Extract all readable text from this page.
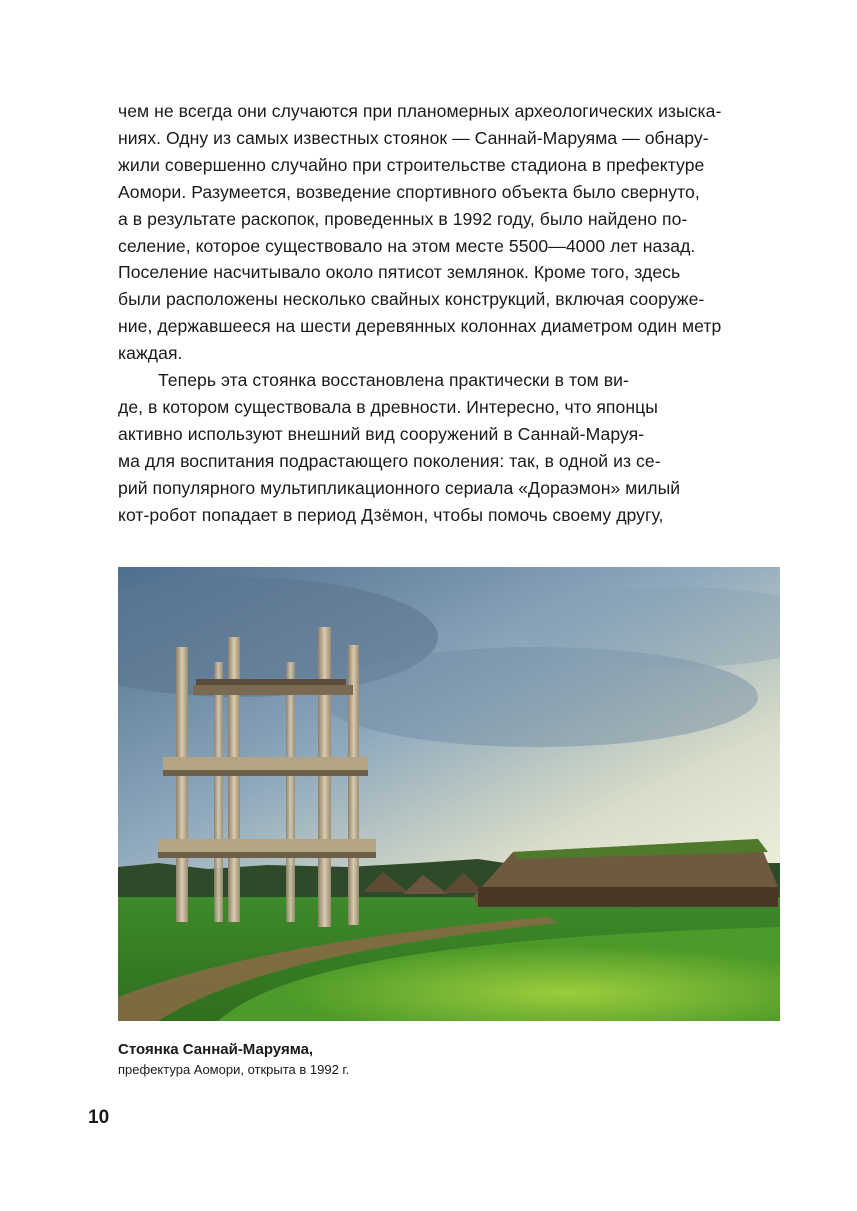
чем не всегда они случаются при планомерных археологических изыска-
ниях. Одну из самых известных стоянок — Саннай-Маруяма — обнару-
жили совершенно случайно при строительстве стадиона в префектуре
Аомори. Разумеется, возведение спортивного объекта было свернуто,
а в результате раскопок, проведенных в 1992 году, было найдено по-
селение, которое существовало на этом месте 5500—4000 лет назад.
Поселение насчитывало около пятисот землянок. Кроме того, здесь
были расположены несколько свайных конструкций, включая сооруже-
ние, державшееся на шести деревянных колоннах диаметром один метр
каждая.
Теперь эта стоянка восстановлена практически в том ви-
де, в котором существовала в древности. Интересно, что японцы
активно используют внешний вид сооружений в Саннай-Маруя-
ма для воспитания подрастающего поколения: так, в одной из се-
рий популярного мультипликационного сериала «Дораэмон» милый
кот-робот попадает в период Дзёмон, чтобы помочь своему другу,
Стоянка Саннай-Маруяма,
префектура Аомори, открыта в 1992 г.
10
